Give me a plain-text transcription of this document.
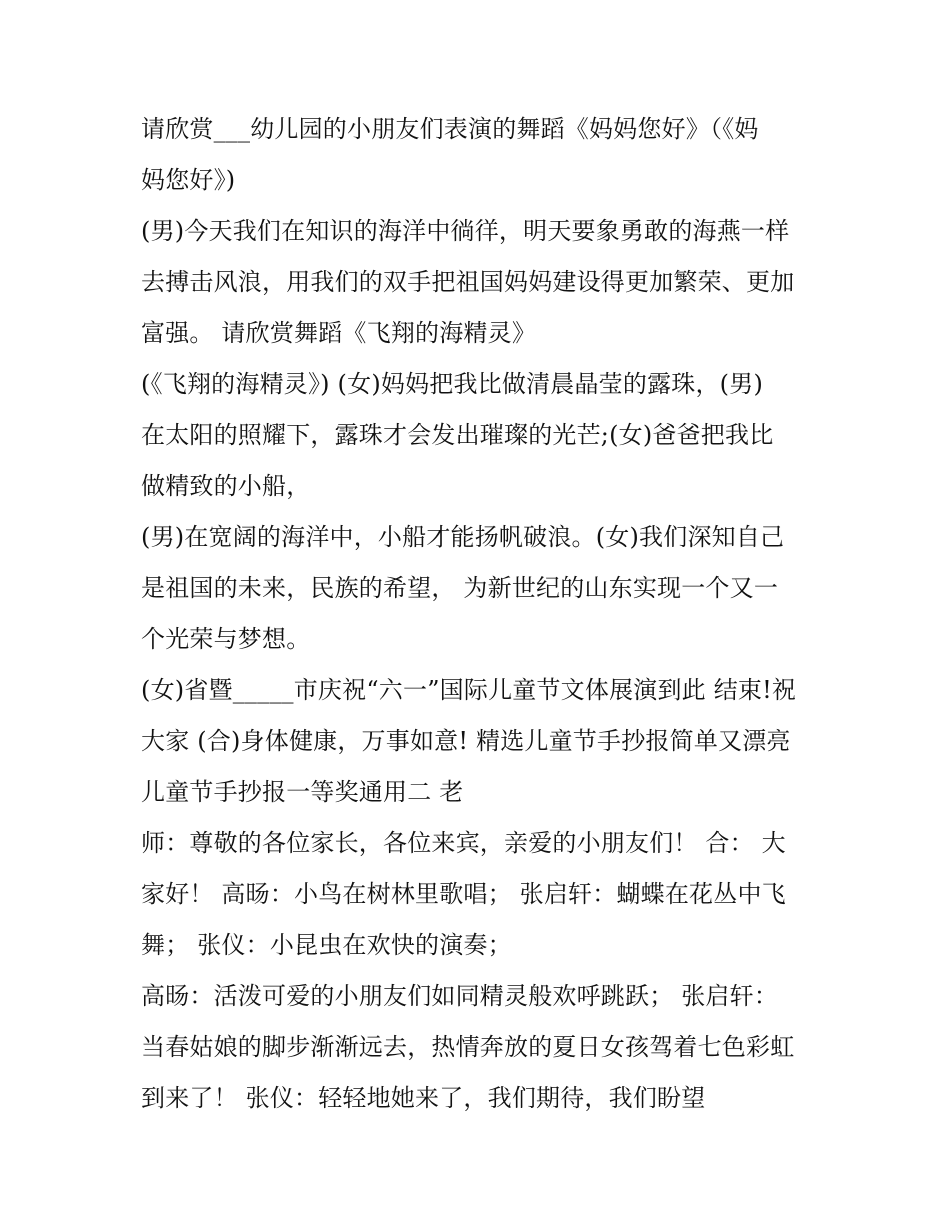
请欣赏___幼儿园的小朋友们表演的舞蹈《妈妈您好》（《妈
妈您好》)
(男)今天我们在知识的海洋中徜徉，明天要象勇敢的海燕一样
去搏击风浪，用我们的双手把祖国妈妈建设得更加繁荣、更加
富强。 请欣赏舞蹈《飞翔的海精灵》
(《飞翔的海精灵》) (女)妈妈把我比做清晨晶莹的露珠，(男)
在太阳的照耀下，露珠才会发出璀璨的光芒;(女)爸爸把我比
做精致的小船，
(男)在宽阔的海洋中，小船才能扬帆破浪。(女)我们深知自己
是祖国的未来，民族的希望， 为新世纪的山东实现一个又一
个光荣与梦想。
(女)省暨_____市庆祝“六一”国际儿童节文体展演到此 结束!祝
大家 (合)身体健康，万事如意! 精选儿童节手抄报简单又漂亮
儿童节手抄报一等奖通用二 老
师：尊敬的各位家长，各位来宾，亲爱的小朋友们！ 合： 大
家好！ 高旸：小鸟在树林里歌唱； 张启轩：蝴蝶在花丛中飞
舞； 张仪：小昆虫在欢快的演奏；
高旸：活泼可爱的小朋友们如同精灵般欢呼跳跃； 张启轩：
当春姑娘的脚步渐渐远去，热情奔放的夏日女孩驾着七色彩虹
到来了！ 张仪：轻轻地她来了，我们期待，我们盼望
